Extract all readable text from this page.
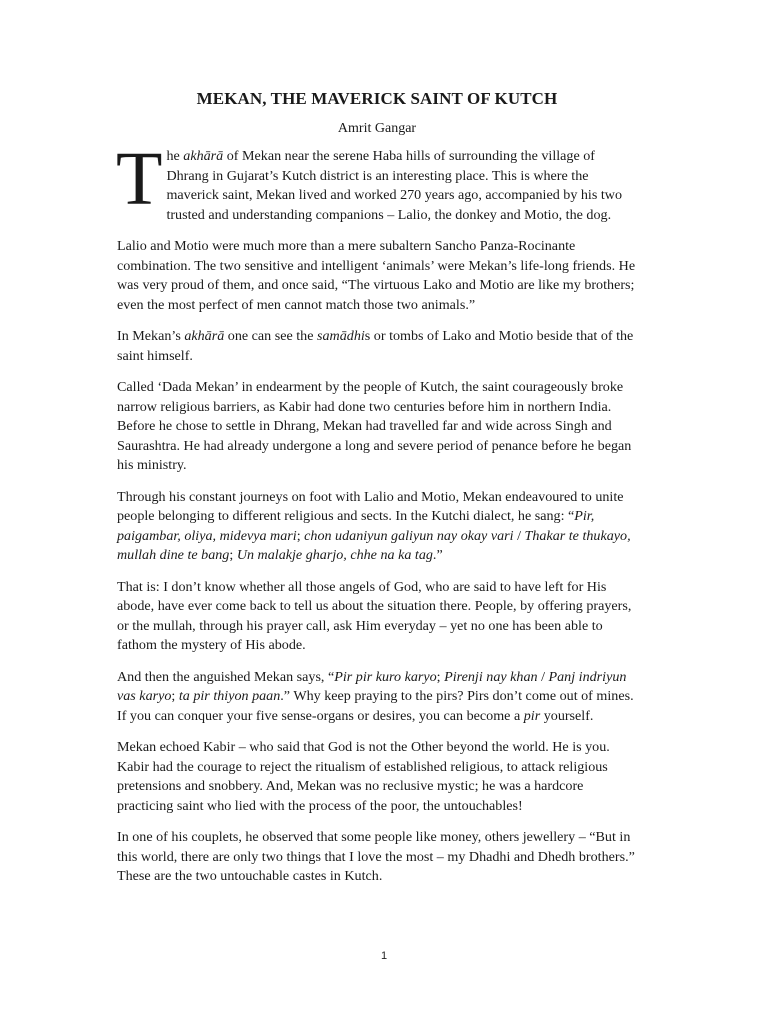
MEKAN, THE MAVERICK SAINT OF KUTCH
Amrit Gangar

The akhārā of Mekan near the serene Haba hills of surrounding the village of Dhrang in Gujarat’s Kutch district is an interesting place. This is where the maverick saint, Mekan lived and worked 270 years ago, accompanied by his two trusted and understanding companions – Lalio, the donkey and Motio, the dog.

Lalio and Motio were much more than a mere subaltern Sancho Panza-Rocinante combination. The two sensitive and intelligent ‘animals’ were Mekan’s life-long friends. He was very proud of them, and once said, “The virtuous Lako and Motio are like my brothers; even the most perfect of men cannot match those two animals.”

In Mekan’s akhārā one can see the samādhis or tombs of Lako and Motio beside that of the saint himself.

Called ‘Dada Mekan’ in endearment by the people of Kutch, the saint courageously broke narrow religious barriers, as Kabir had done two centuries before him in northern India. Before he chose to settle in Dhrang, Mekan had travelled far and wide across Singh and Saurashtra. He had already undergone a long and severe period of penance before he began his ministry.

Through his constant journeys on foot with Lalio and Motio, Mekan endeavoured to unite people belonging to different religious and sects. In the Kutchi dialect, he sang: “Pir, paigambar, oliya, midevya mari; chon udaniyun galiyun nay okay vari / Thakar te thukayo, mullah dine te bang; Un malakje gharjo, chhe na ka tag.”

That is: I don’t know whether all those angels of God, who are said to have left for His abode, have ever come back to tell us about the situation there. People, by offering prayers, or the mullah, through his prayer call, ask Him everyday – yet no one has been able to fathom the mystery of His abode.

And then the anguished Mekan says, “Pir pir kuro karyo; Pirenji nay khan / Panj indriyun vas karyo; ta pir thiyon paan.” Why keep praying to the pirs? Pirs don’t come out of mines. If you can conquer your five sense-organs or desires, you can become a pir yourself.

Mekan echoed Kabir – who said that God is not the Other beyond the world. He is you. Kabir had the courage to reject the ritualism of established religious, to attack religious pretensions and snobbery. And, Mekan was no reclusive mystic; he was a hardcore practicing saint who lied with the process of the poor, the untouchables!

In one of his couplets, he observed that some people like money, others jewellery – “But in this world, there are only two things that I love the most – my Dhadhi and Dhedh brothers.” These are the two untouchable castes in Kutch.

1
